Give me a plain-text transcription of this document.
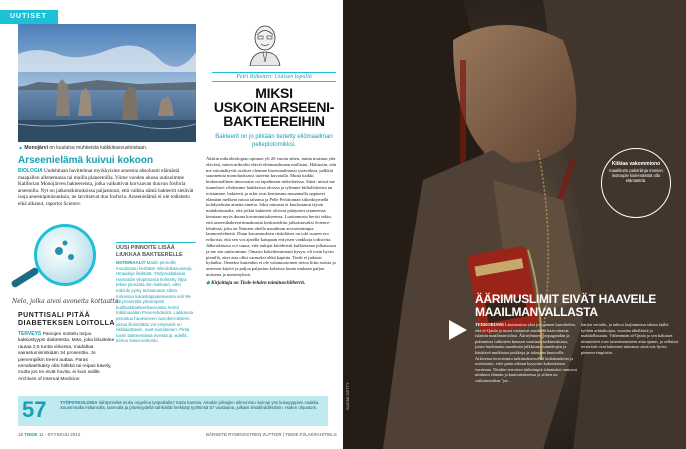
UUTISET
▲ Monojärvi on kuuluisa muhkeista kalkkikasvustoistaan.
Arseenielämä kuivui kokoon

BIOLOGIA Uudehitaan havittelmat myrkkyisine arseenia absoluutti elämästä maapallon allenemassa tai muilla planeetoilla. Viime vuoden alussa uutisoimme Kaliforian Monojärven bakteereista, jotka vaikuttivat korvaavan duuvan fosforia arseenilla. Nyt on jatkotutkimuksissa paljastunut, että valkka nämä bakteerit sietävät isoja arseenipitoisuuksia, ne tarvitsevat duu fosforia. Arseenielämä ei ole todistettu eikä alkanut, raportoi Science.

Nelo, jolka aivoi avoneita kottaatta.
PUNTTISALI PITÄÄ DIABETEKSEN LOITOLLA

TERVEYS Painojen nostelu torjuu kakkostyypin diabetesta. Miss, joka liikuttelee rautaa 2,5 tuntia viikossa, madaltaa sairastumisriskiään 34 prosenttia. Jo pienempilkin treeni auttaa. Paras ennaltaehkäisy olisi hölkkä tai reipas kävely, mutta jos ne eivät huvita, ei kuin salille. Archives of Internal Medicine

UUSI PINNOITE LISÄÄ LIUKKAA BAKTEERELLE
MATERIAALIT Mariin pinnoille muodostuu herläikin mikrobikasvustoja. Hmaaleja lisiihtiää. Yhdysvaltalaisia Harvardin yliopistossa kehitetty liitya tekee pinnasta niin liukkaan, ettei mikrobi pysty tarraamaan sihen. Kokeissa liukaskappaleneessa esti 96-99 prosenttia yleisimpien kudiluskbakteerikasvuista, kertoi tutkimusalan Pnas-lehdessä. Liukkausa perustuu huokoiseen nanokerrokseen, joissa liimiestään voi erityisesti eri rikkkalottaviin, ovat suoniteinen. Pinta toimii bakteereiasa riveistä ja, edellä, kertoo Nasa-verkosto.
Petri Riikonen: Uutisen lopullä
MIKSI
USKOIN ARSEENI-
BAKTEEREIHIN
Bakteerit on jo pitkään tiedetty eliömaailman pelleplotomikksi.

Äkitiin mikrobiologian opinnot yli 20 vuotta sitten, mutta muistan yhä elävästi, miten mikrobit elävät eliömaailmaan mullistui. Haltuotin, että me siitoinäkyvät oraliset olemme bioemaailmassi ystäväksia, pelkkiä suunneinia monoluoksassi tuotetut kuvatulla. Mutta kaikki biokemiallinen innovaatio on tapahtunut mikrobeissa. Siinä, missä me tunnelaset vihdymme lauhkeissa oloissa ja iylimme hiiliallokeista tai toisiamme, bakteerit ja arkit ovat kemiasma muuamalla oppineet elämään melkein missä tahansa ja Pelle Pelottoman sitkeiksymellä kohdytelmän aineita aineita. Siksi minusta ei kuulostanut täysin mahdottomalta, että jotkin bakteerit olisivat päätyneet ottaneensa kemiaan myös duuna kuvamuuttokseensa. Luottamusta heräsi sekin, että arseenibakteeririnnakuusta keskusteltiin julkaistavaksi Science-lehdessä, joka on Naturen ohella maailman arvostetuimpia laumoeslehteitä. Duun kuvamuuksen riiskiläiset on toki suuren ero erikoisia, että sen voi ajatella kaiupaan erityisen vankkoja todisteita. Jälkeiskäsosa voi sanoa, että tutkijat kiirehtivät kulkietanaa julkaisussa ja me sen uutisoimme. Omasta kokeilemiestani kysyn, oli tosin hyvin pienillä, ettei asia ollut varmaksi ehkä kapeita. Tiede ei jatkuisi kyhäiksi. Onneksi kuitenkin ei ole valamuotoinen tietoa liitin rutista ja arsessen käyttö ja paljoa paljastuu kohtissa kunta mukaan paljon uutisena ja menestyksiä.

◆ Kirjoittaja on Tiede-lehden toimituschliberrit.
57	TYÖPSYKOLOGIA Ilahtymmikä muka ongelma työpaikalla? Katto kanssa. Amakin johtajien ailmorsmu isoimpi yös kusupyppien saakka. Suurimmalla mittamolla, tanmutla ja pitivinyydellä sähkiniläi herkkäty työhtinsä 57 vuotiaana, julkaisi ilmailihdollistimin. Hallen ohjoatom.
16 TIEDE 11 · SYYSKUU 2012	BÄRSETE RYMINGSTREN ZUTTIER | TIEDE.FI/LAKRAH/TIELS
Kiikiaa vakommiono
maaklioön paloinlinja monien isotoopie kiolemästöä olla elämästöä.
SUOMI GETTY
ÄÄRIMUSLIMIT EIVÄT HAAVEILE
MAAILMANVALLASTA

TERRORISMI Länsimaissa yksi jos tunnen haavittelen, että al-Qaida ja muut vastaavat muslimit haavoittavat islamin maailmanvaltaa. Ääriryhmien propagandan ja puhumisia tutkineen kunnon vaatimus tutkimuksissa, joista huolimatta maailman julkkisuta tunnettujen ja käsittävä mutkistaa joukkoja ja talouden kuntoolle. Arkisessa terrorismin tutkimuksessa eli kultahankeita ja osoittautui, ettei parin aikaan kysyttiin kokouksissa vuoteaan. Niinkin terrorien tärkeimpiä islamistisi tuntuvat niinkuin elämän ja kuntoutuksensa ja siihen on vaikutusvaltaa "pa...

kärjen vertailu, ja tahtoo laajimmissa tahtoa täältä työhön arkiaikoijaa, vuosina täkäläisiä ja mahdollisuutta. Vähemmän al-Qaida ja sen kaltaiset niimoitteet ovat tuomitsemiseen aina ajanut, ja sellaiset terroristit ovat hakeneet tukeansa siinä siis hyvin pieneen etupiiriin.
